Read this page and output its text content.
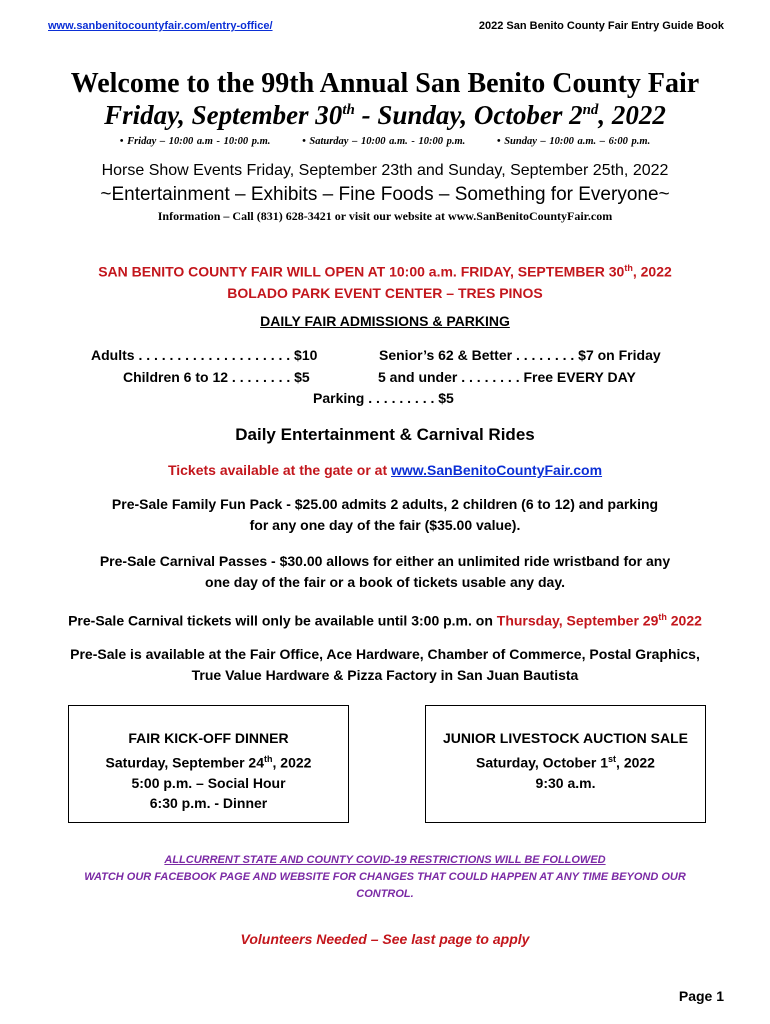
www.sanbenitocountyfair.com/entry-office/	2022 San Benito County Fair Entry Guide Book
Welcome to the 99th Annual San Benito County Fair
Friday, September 30th - Sunday, October 2nd, 2022
• Friday – 10:00 a.m - 10:00 p.m.	• Saturday – 10:00 a.m. - 10:00 p.m.	• Sunday – 10:00 a.m. – 6:00 p.m.
Horse Show Events Friday, September 23th and Sunday, September 25th, 2022
~Entertainment – Exhibits – Fine Foods – Something for Everyone~
Information – Call (831) 628-3421 or visit our website at www.SanBenitoCountyFair.com
SAN BENITO COUNTY FAIR WILL OPEN AT 10:00 a.m. FRIDAY, SEPTEMBER 30th, 2022
BOLADO PARK EVENT CENTER – TRES PINOS
DAILY FAIR ADMISSIONS & PARKING
Adults . . . . . . . . . . . . . . . . . . . . $10	Senior’s 62 & Better . . . . . . . . $7 on Friday
Children 6 to 12 . . . . . . . . $5	5 and under . . . . . . . . Free EVERY DAY
Parking . . . . . . . . . $5
Daily Entertainment & Carnival Rides
Tickets available at the gate or at www.SanBenitoCountyFair.com
Pre-Sale Family Fun Pack - $25.00 admits 2 adults, 2 children (6 to 12) and parking
for any one day of the fair ($35.00 value).
Pre-Sale Carnival Passes - $30.00 allows for either an unlimited ride wristband for any
one day of the fair or a book of tickets usable any day.
Pre-Sale Carnival tickets will only be available until 3:00 p.m. on Thursday, September 29th 2022
Pre-Sale is available at the Fair Office, Ace Hardware, Chamber of Commerce, Postal Graphics,
True Value Hardware & Pizza Factory in San Juan Bautista
FAIR KICK-OFF DINNER
Saturday, September 24th, 2022
5:00 p.m. – Social Hour
6:30 p.m. - Dinner
JUNIOR LIVESTOCK AUCTION SALE
Saturday, October 1st, 2022
9:30 a.m.
ALLCURRENT STATE AND COUNTY COVID-19 RESTRICTIONS WILL BE FOLLOWED
WATCH OUR FACEBOOK PAGE AND WEBSITE FOR CHANGES THAT COULD HAPPEN AT ANY TIME BEYOND OUR
CONTROL.
Volunteers Needed – See last page to apply
Page 1
